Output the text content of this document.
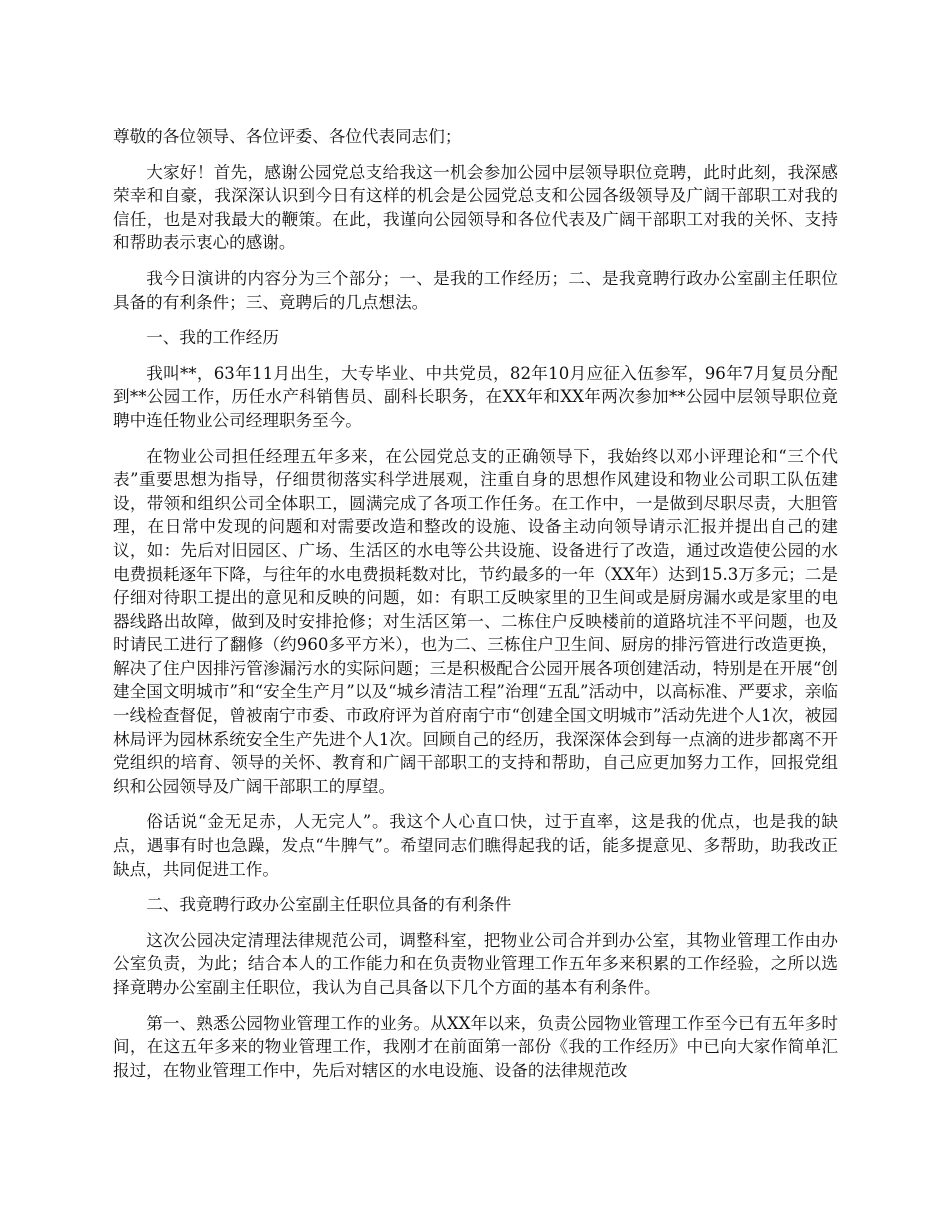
尊敬的各位领导、各位评委、各位代表同志们；

大家好！首先，感谢公园党总支给我这一机会参加公园中层领导职位竞聘，此时此刻，我深感荣幸和自豪，我深深认识到今日有这样的机会是公园党总支和公园各级领导及广阔干部职工对我的信任，也是对我最大的鞭策。在此，我谨向公园领导和各位代表及广阔干部职工对我的关怀、支持和帮助表示衷心的感谢。

我今日演讲的内容分为三个部分；一、是我的工作经历；二、是我竟聘行政办公室副主任职位具备的有利条件；三、竟聘后的几点想法。

一、我的工作经历

我叫**，63年11月出生，大专毕业、中共党员，82年10月应征入伍参军，96年7月复员分配到**公园工作，历任水产科销售员、副科长职务，在XX年和XX年两次参加**公园中层领导职位竟聘中连任物业公司经理职务至今。

在物业公司担任经理五年多来，在公园党总支的正确领导下，我始终以邓小评理论和“三个代表”重要思想为指导，仔细贯彻落实科学进展观，注重自身的思想作风建设和物业公司职工队伍建设，带领和组织公司全体职工，圆满完成了各项工作任务。在工作中，一是做到尽职尽责，大胆管理，在日常中发现的问题和对需要改造和整改的设施、设备主动向领导请示汇报并提出自己的建议，如：先后对旧园区、广场、生活区的水电等公共设施、设备进行了改造，通过改造使公园的水电费损耗逐年下降，与往年的水电费损耗数对比，节约最多的一年（XX年）达到15.3万多元；二是仔细对待职工提出的意见和反映的问题，如：有职工反映家里的卫生间或是厨房漏水或是家里的电器线路出故障，做到及时安排抢修；对生活区第一、二栋住户反映楼前的道路坑洼不平问题，也及时请民工进行了翻修（约960多平方米），也为二、三栋住户卫生间、厨房的排污管进行改造更换，解决了住户因排污管渗漏污水的实际问题；三是积极配合公园开展各项创建活动，特别是在开展“创建全国文明城市”和“安全生产月”以及“城乡清洁工程”治理“五乱”活动中，以高标准、严要求，亲临一线检查督促，曾被南宁市委、市政府评为首府南宁市“创建全国文明城市”活动先进个人1次，被园林局评为园林系统安全生产先进个人1次。回顾自己的经历，我深深体会到每一点滴的进步都离不开党组织的培育、领导的关怀、教育和广阔干部职工的支持和帮助，自己应更加努力工作，回报党组织和公园领导及广阔干部职工的厚望。

俗话说“金无足赤，人无完人”。我这个人心直口快，过于直率，这是我的优点，也是我的缺点，遇事有时也急躁，发点“牛脾气”。希望同志们瞧得起我的话，能多提意见、多帮助，助我改正缺点，共同促进工作。

二、我竟聘行政办公室副主任职位具备的有利条件

这次公园决定清理法律规范公司，调整科室，把物业公司合并到办公室，其物业管理工作由办公室负责，为此；结合本人的工作能力和在负责物业管理工作五年多来积累的工作经验，之所以选择竟聘办公室副主任职位，我认为自己具备以下几个方面的基本有利条件。

第一、熟悉公园物业管理工作的业务。从XX年以来，负责公园物业管理工作至今已有五年多时间，在这五年多来的物业管理工作，我刚才在前面第一部份《我的工作经历》中已向大家作简单汇报过，在物业管理工作中，先后对辖区的水电设施、设备的法律规范改
